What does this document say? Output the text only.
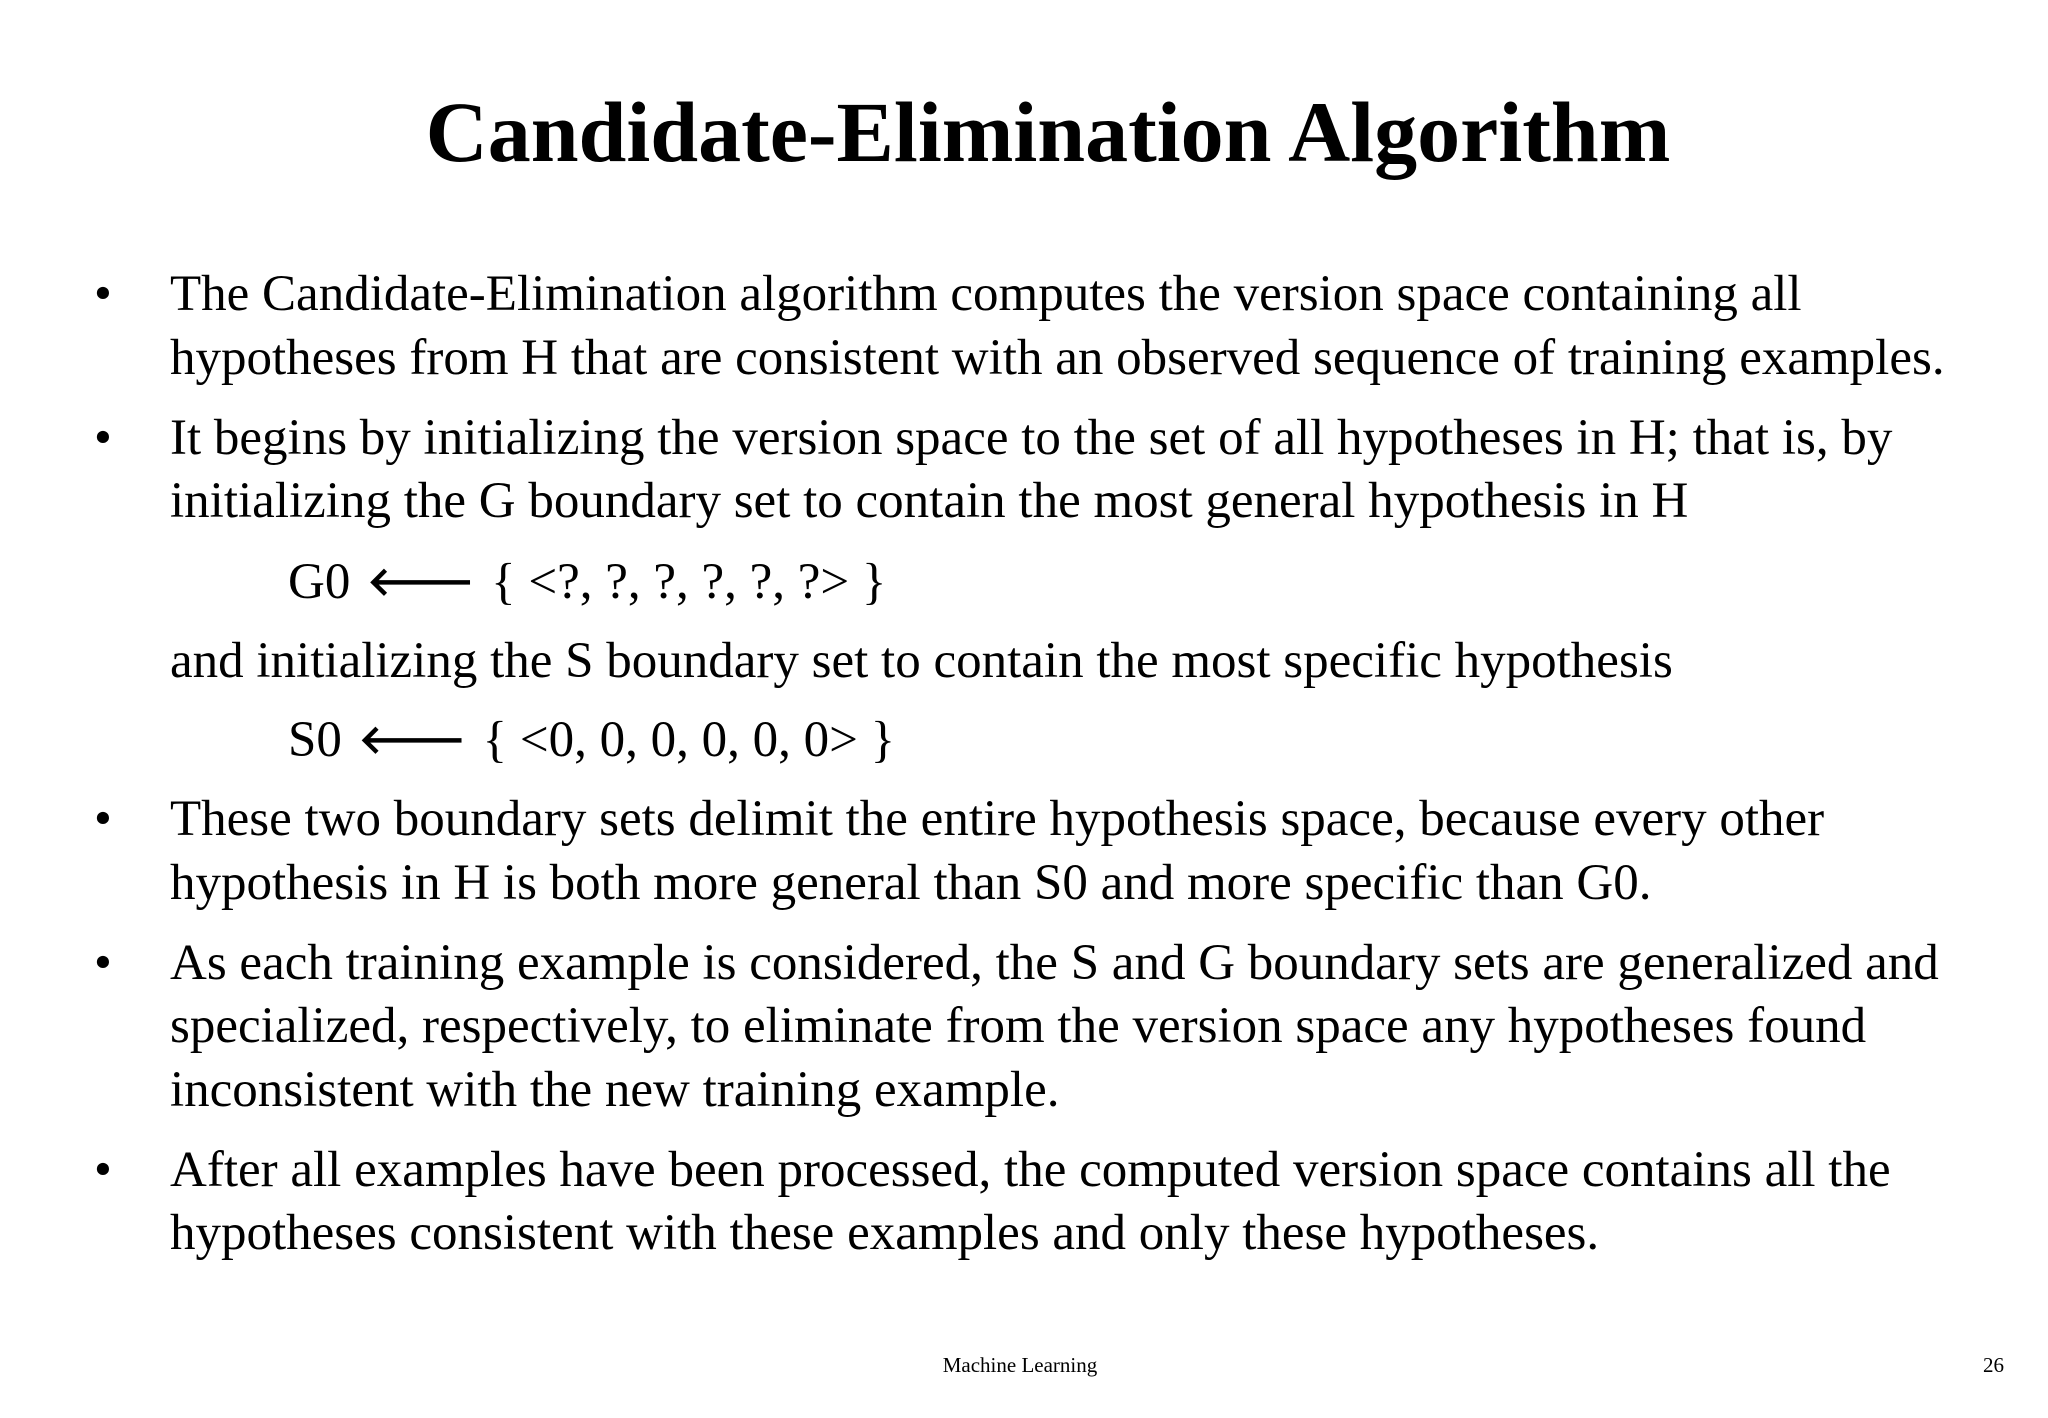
Candidate-Elimination Algorithm
• The Candidate-Elimination algorithm computes the version space containing all
hypotheses from H that are consistent with an observed sequence of training examples.
• It begins by initializing the version space to the set of all hypotheses in H; that is, by
initializing the G boundary set to contain the most general hypothesis in H
G0 🡐 { <?, ?, ?, ?, ?, ?> }
and initializing the S boundary set to contain the most specific hypothesis
S0 🡐 { <0, 0, 0, 0, 0, 0> }
• These two boundary sets delimit the entire hypothesis space, because every other
hypothesis in H is both more general than S0 and more specific than G0.
• As each training example is considered, the S and G boundary sets are generalized and
specialized, respectively, to eliminate from the version space any hypotheses found
inconsistent with the new training example.
• After all examples have been processed, the computed version space contains all the
hypotheses consistent with these examples and only these hypotheses.
Machine Learning	26
